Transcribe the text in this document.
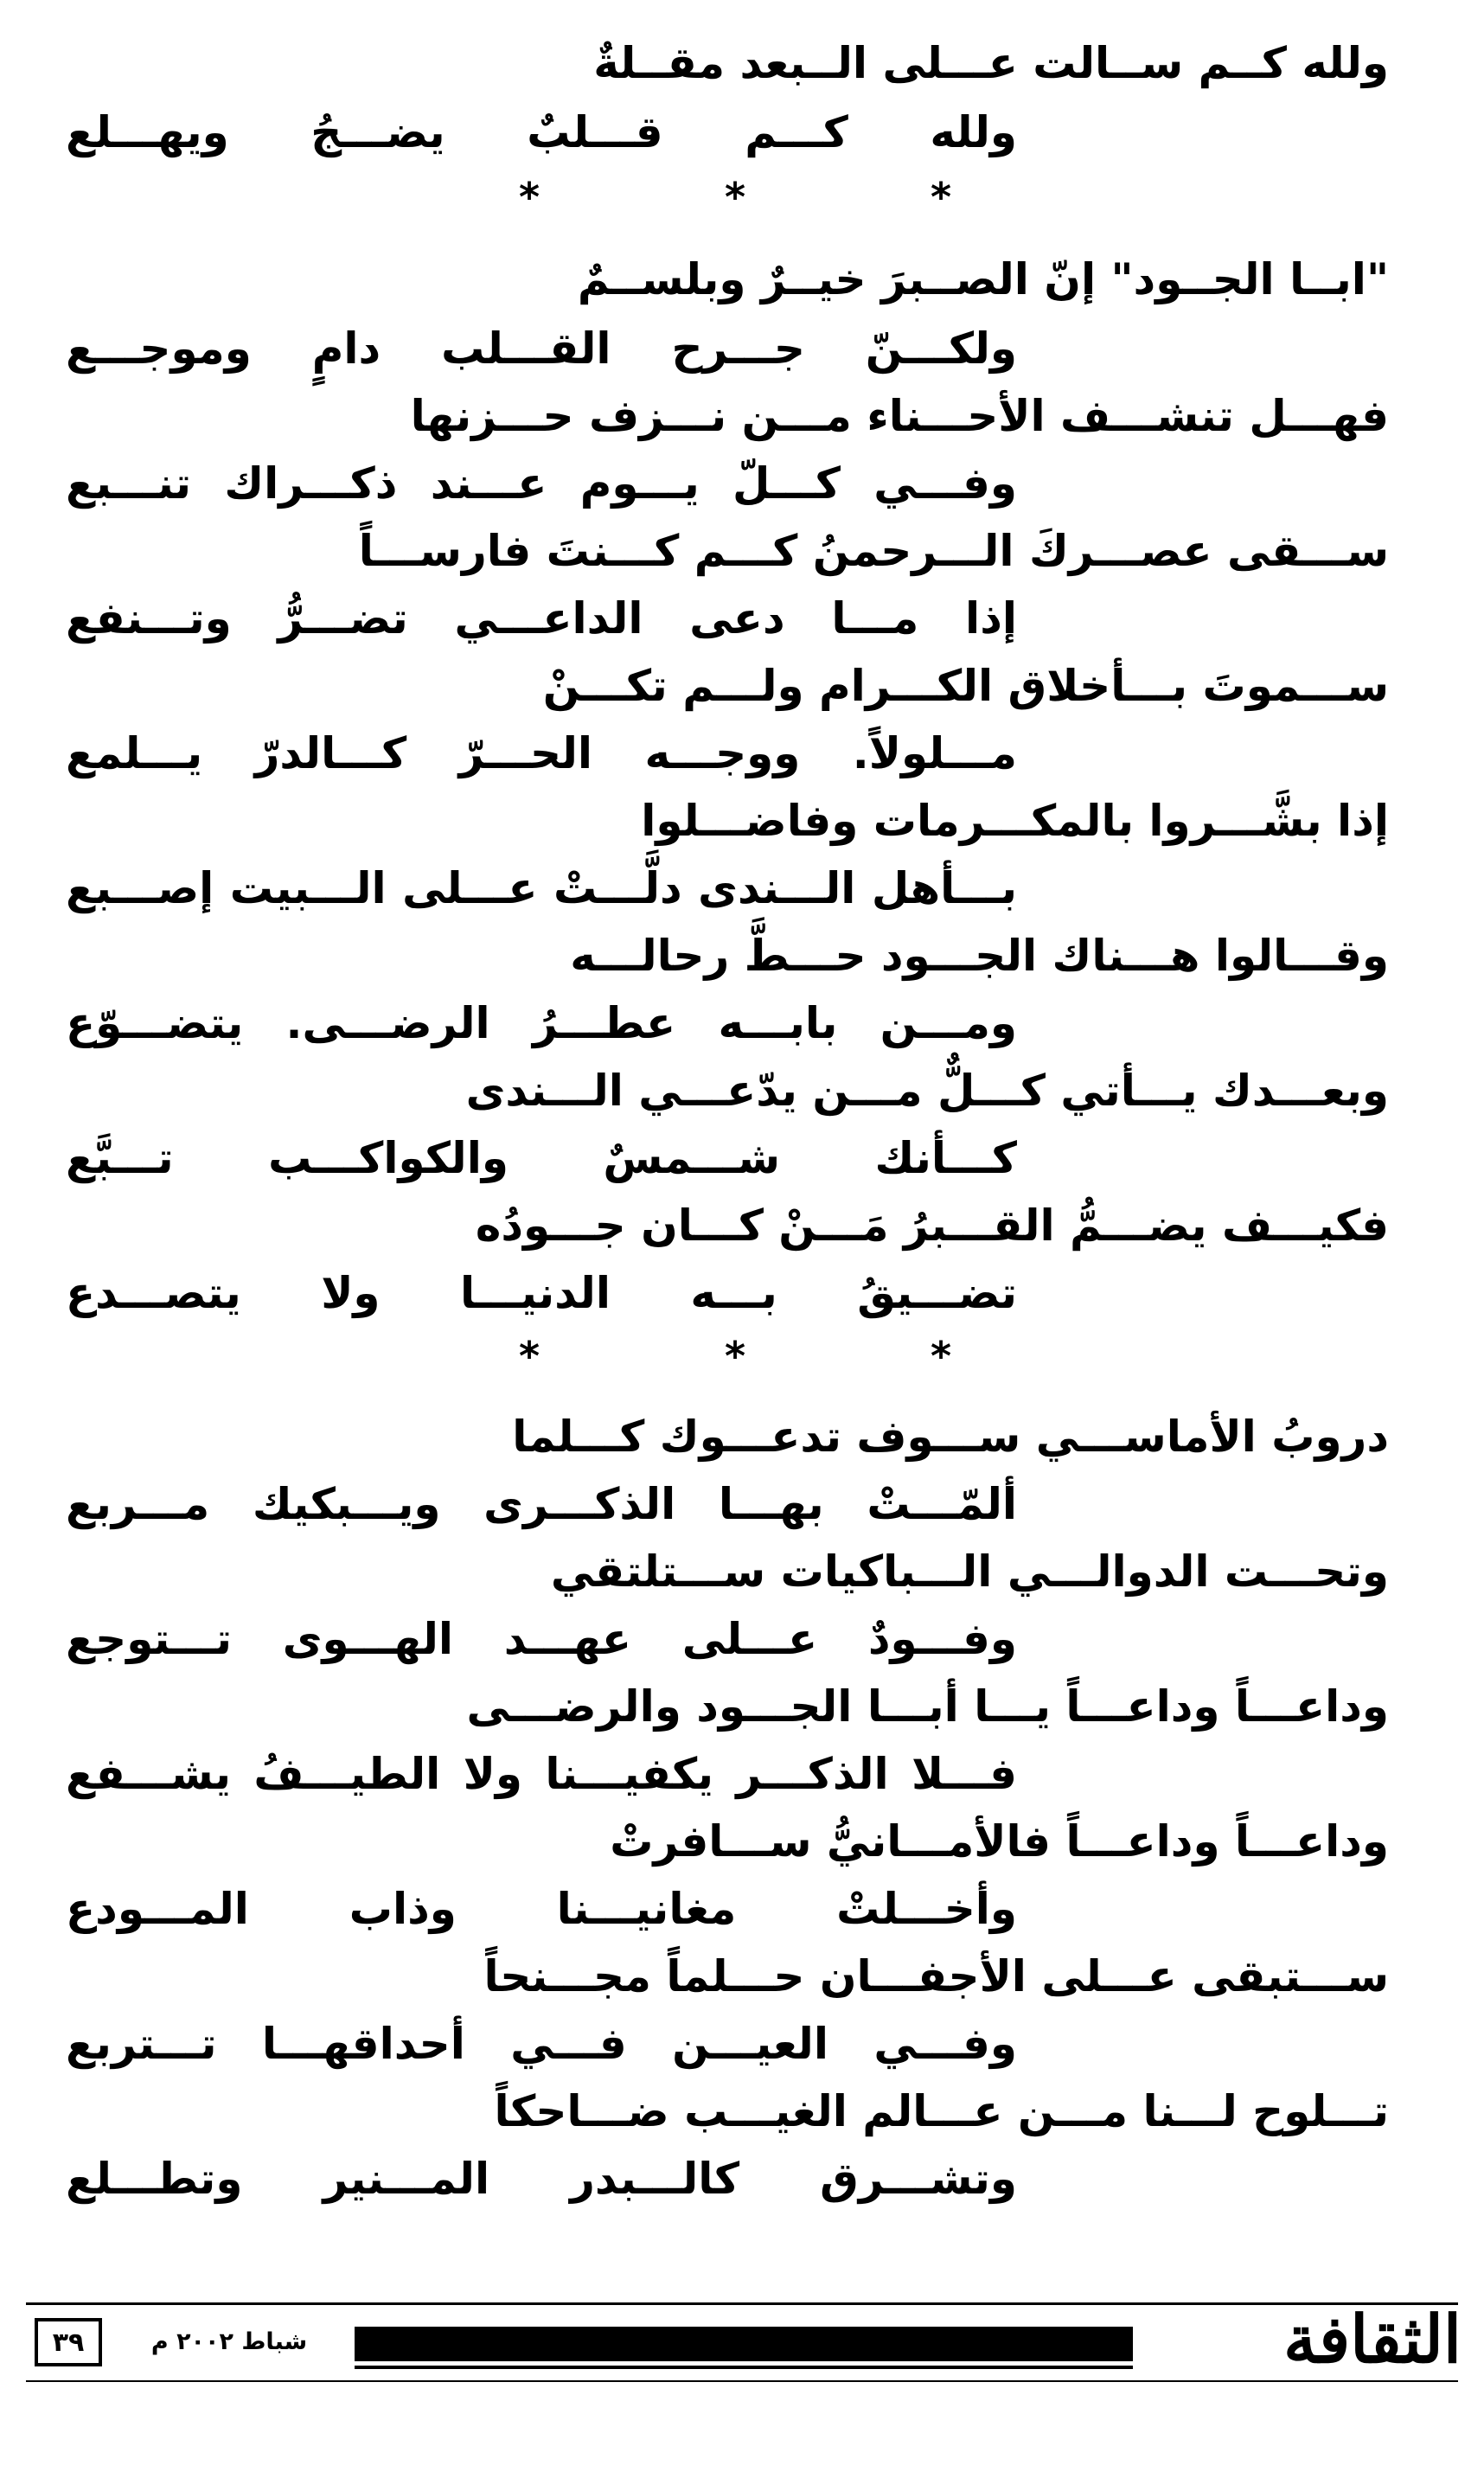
ولله كــم ســالت عـــلى الــبعد مقــلةٌ
ولله كـــم قـــلبٌ يضـــجُ ويهـــلع
*	*	*
"ابــا الجــود" إنّ الصــبرَ خيــرٌ وبلســمٌ
ولكـــنّ جـــرح القـــلب دامٍ وموجـــع
فهـــل تنشـــف الأحـــناء مـــن نـــزف حـــزنها
وفـــي كـــلّ يـــوم عـــند ذكـــراك تنـــبع
ســـقى عصـــركَ الـــرحمنُ كـــم كـــنتَ فارســـاً
إذا مـــا دعى الداعـــي تضـــرُّ وتـــنفع
ســـموتَ بـــأخلاق الكـــرام ولـــم تكـــنْ
مـــلولاً. ووجـــه الحـــرّ كـــالدرّ يـــلمع
إذا بشَّـــروا بالمكـــرمات وفاضـــلوا
بـــأهل الـــندى دلَّـــتْ عـــلى الـــبيت إصـــبع
وقـــالوا هـــناك الجـــود حـــطَّ رحالـــه
ومـــن بابـــه عطـــرُ الرضـــى. يتضـــوّع
وبعـــدك يـــأتي كـــلٌّ مـــن يدّعـــي الـــندى
كـــأنك شـــمسٌ والكواكـــب تـــبَّع
فكيـــف يضـــمُّ القـــبرُ مَـــنْ كـــان جـــودُه
تضـــيقُ بـــه الدنيـــا ولا يتصـــدع
*	*	*
دروبُ الأماســـي ســـوف تدعـــوك كـــلما
ألمّـــتْ بهـــا الذكـــرى ويـــبكيك مـــربع
وتحـــت الدوالـــي الـــباكيات ســـتلتقي
وفـــودٌ عـــلى عهـــد الهـــوى تـــتوجع
وداعـــاً وداعـــاً يـــا أبـــا الجـــود والرضـــى
فـــلا الذكـــر يكفيـــنا ولا الطيـــفُ يشـــفع
وداعـــاً وداعـــاً فالأمـــانيُّ ســـافرتْ
وأخـــلتْ مغانيـــنا وذاب المـــودع
ســـتبقى عـــلى الأجفـــان حـــلماً مجـــنحاً
وفـــي العيـــن فـــي أحداقهـــا تـــتربع
تـــلوح لـــنا مـــن عـــالم الغيـــب ضـــاحكاً
وتشـــرق كالـــبدر المـــنير وتطـــلع
٣٩	شباط ٢٠٠٢ م	الثقافة
